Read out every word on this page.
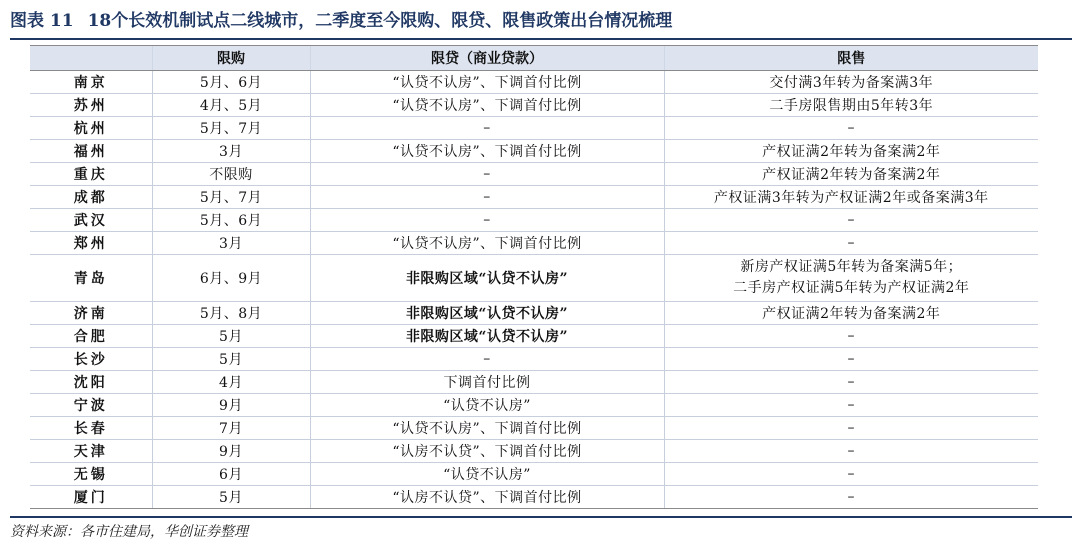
图表 11 18个长效机制试点二线城市，二季度至今限购、限贷、限售政策出台情况梳理
	限购	限贷（商业贷款）	限售
南京	5月、6月	“认贷不认房”、下调首付比例	交付满3年转为备案满3年

苏州	4月、5月	“认贷不认房”、下调首付比例	二手房限售期由5年转3年

杭州	5月、7月	–	–

福州	3月	“认贷不认房”、下调首付比例	产权证满2年转为备案满2年

重庆	不限购	–	产权证满2年转为备案满2年

成都	5月、7月	–	产权证满3年转为产权证满2年或备案满3年

武汉	5月、6月	–	–

郑州	3月	“认贷不认房”、下调首付比例	–

青岛	6月、9月	非限购区域“认贷不认房”	新房产权证满5年转为备案满5年；
二手房产权证满5年转为产权证满2年

济南	5月、8月	非限购区域“认贷不认房”	产权证满2年转为备案满2年

合肥	5月	非限购区域“认贷不认房”	–

长沙	5月	–	–

沈阳	4月	下调首付比例	–

宁波	9月	“认贷不认房”	–

长春	7月	“认贷不认房”、下调首付比例	–

天津	9月	“认房不认贷”、下调首付比例	–

无锡	6月	“认贷不认房”	–

厦门	5月	“认房不认贷”、下调首付比例	–
资料来源：各市住建局，华创证券整理
